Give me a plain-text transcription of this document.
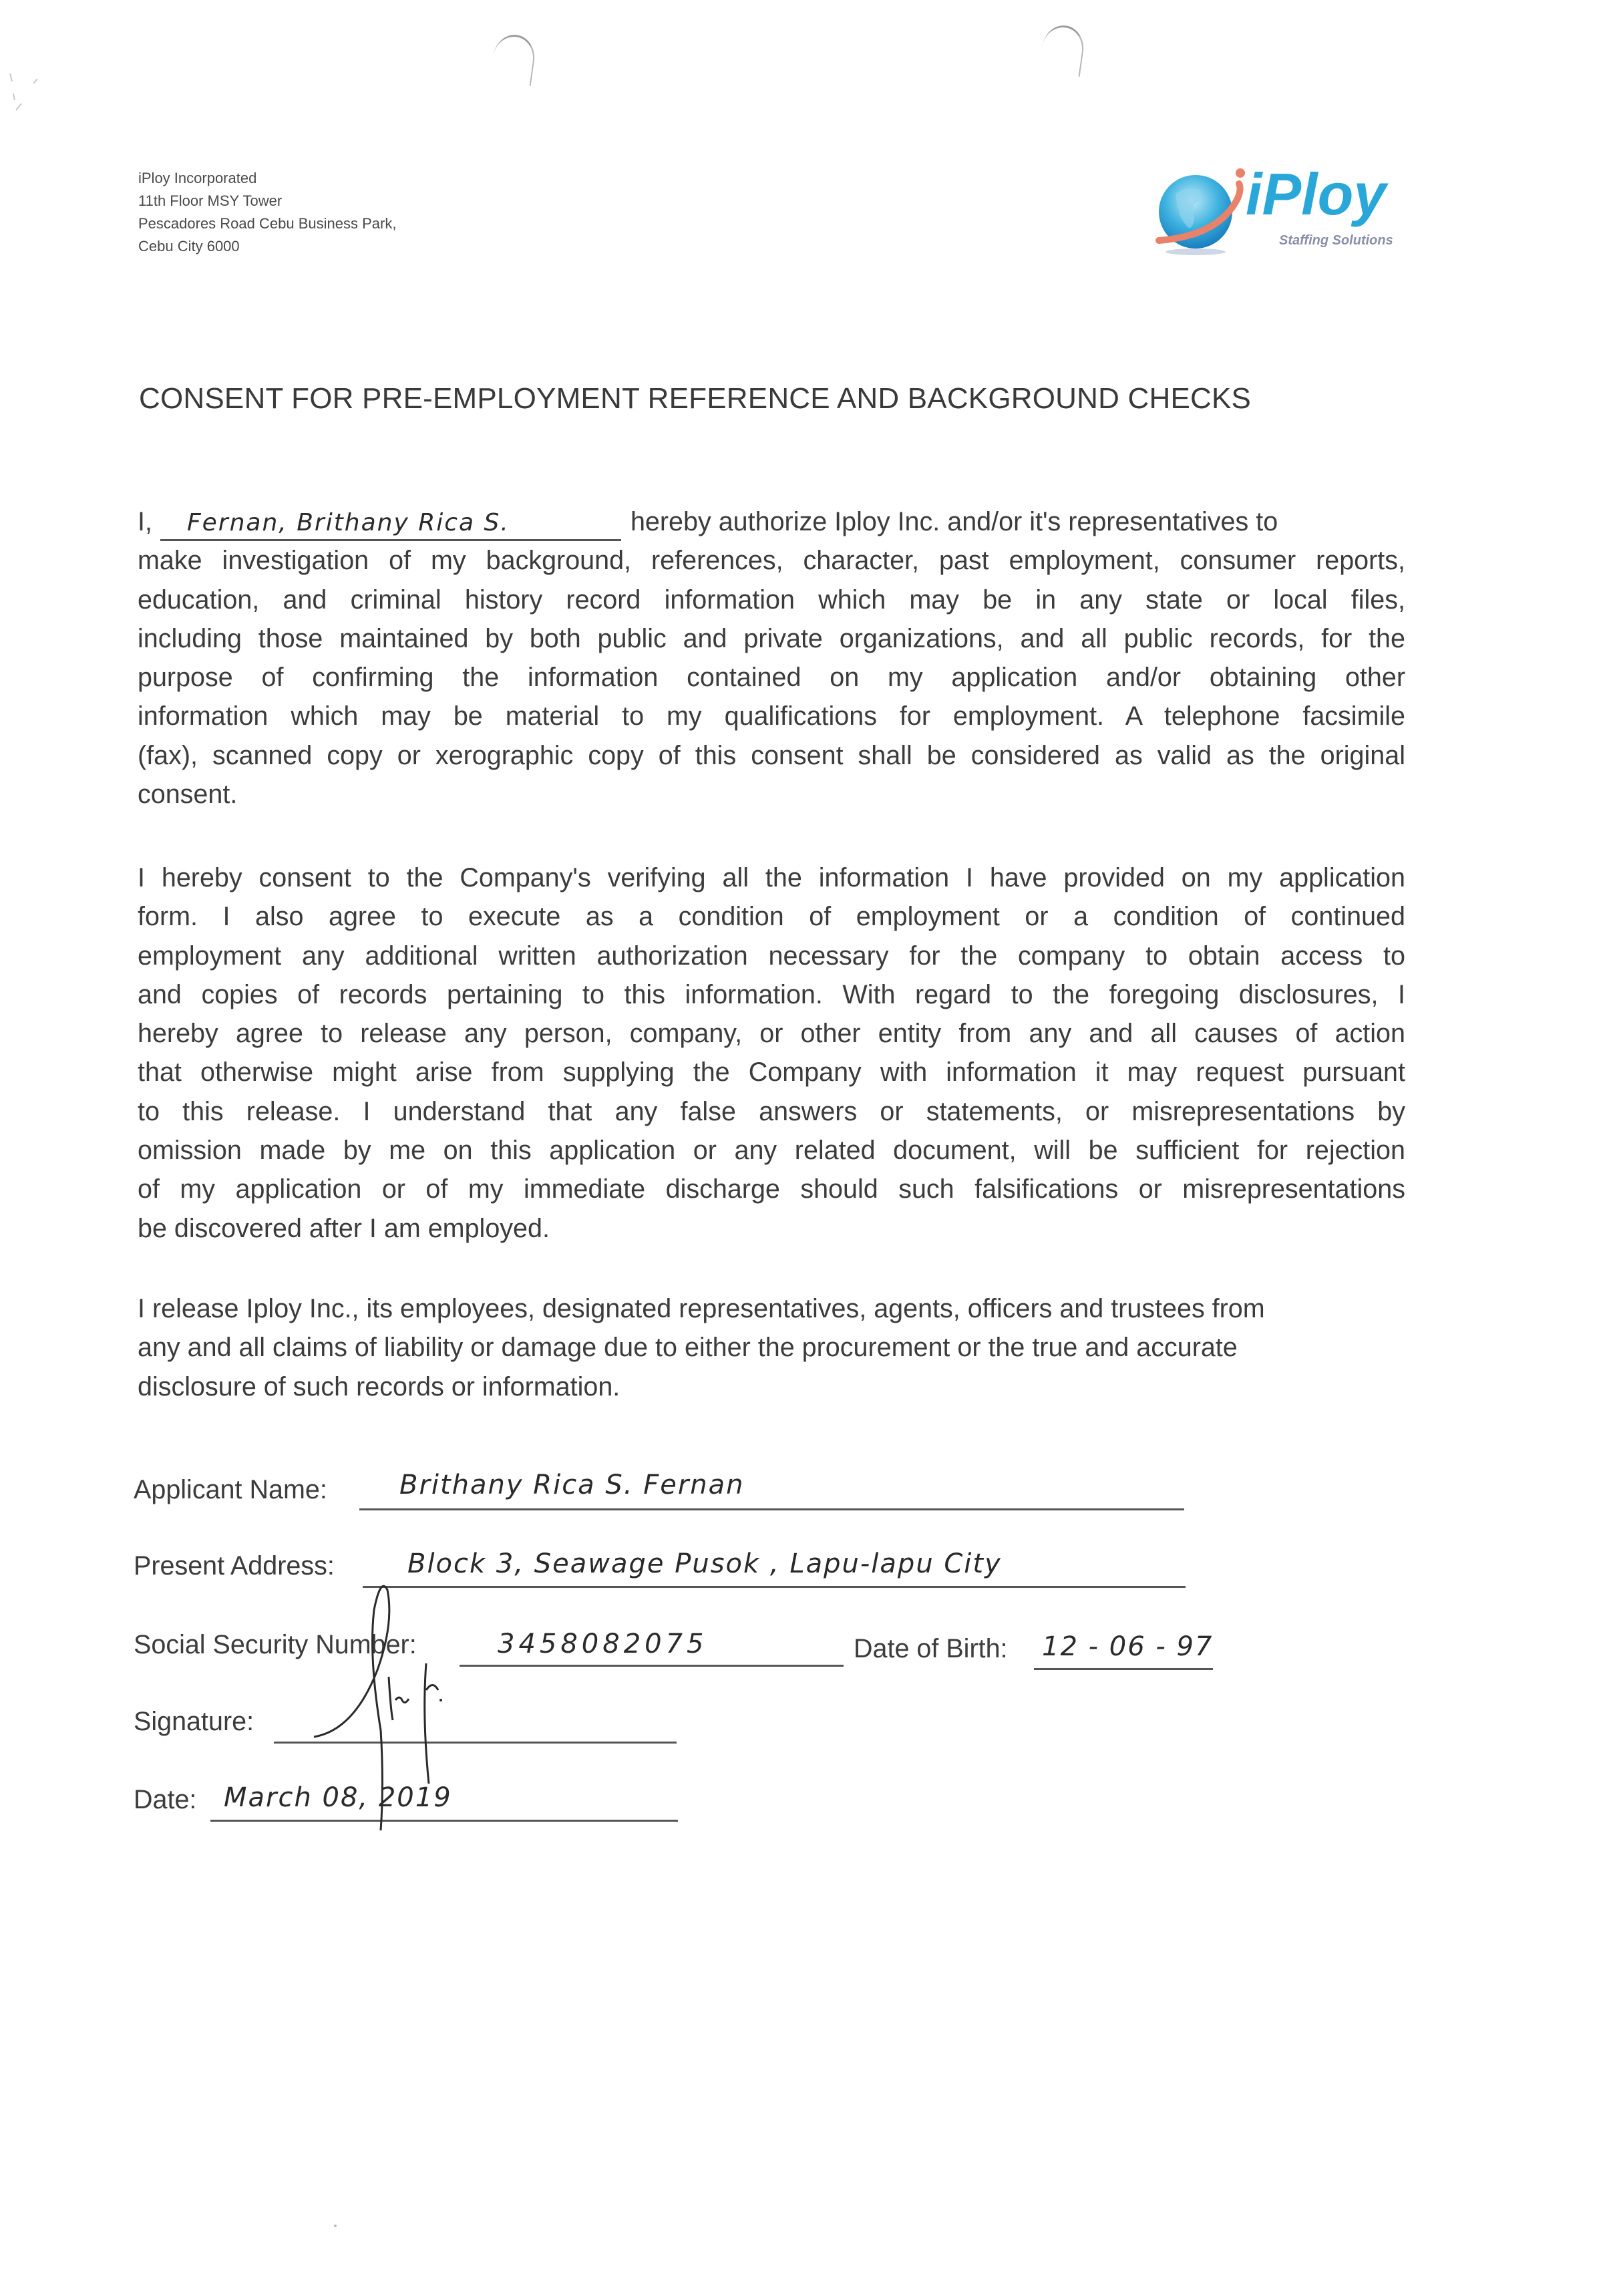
iPloy Incorporated
11th Floor MSY Tower
Pescadores Road Cebu Business Park,
Cebu City 6000
iPloy
Staffing Solutions
CONSENT FOR PRE-EMPLOYMENT REFERENCE AND BACKGROUND CHECKS
I, Fernan, Brithany Rica S.	hereby authorize Iploy Inc. and/or it's representatives to
make investigation of my background, references, character, past employment, consumer reports,
education, and criminal history record information which may be in any state or local files,
including those maintained by both public and private organizations, and all public records, for the
purpose of confirming the information contained on my application and/or obtaining other
information which may be material to my qualifications for employment. A telephone facsimile
(fax), scanned copy or xerographic copy of this consent shall be considered as valid as the original
consent.
I hereby consent to the Company's verifying all the information I have provided on my application
form. I also agree to execute as a condition of employment or a condition of continued
employment any additional written authorization necessary for the company to obtain access to
and copies of records pertaining to this information. With regard to the foregoing disclosures, I
hereby agree to release any person, company, or other entity from any and all causes of action
that otherwise might arise from supplying the Company with information it may request pursuant
to this release. I understand that any false answers or statements, or misrepresentations by
omission made by me on this application or any related document, will be sufficient for rejection
of my application or of my immediate discharge should such falsifications or misrepresentations
be discovered after I am employed.
I release Iploy Inc., its employees, designated representatives, agents, officers and trustees from
any and all claims of liability or damage due to either the procurement or the true and accurate
disclosure of such records or information.
Applicant Name:	Brithany Rica S. Fernan
Present Address:	Block 3, Seawage Pusok , Lapu-lapu City
Social Security Number:	3458082075	Date of Birth: 12 - 06 - 97
Signature:
Date: March 08, 2019
